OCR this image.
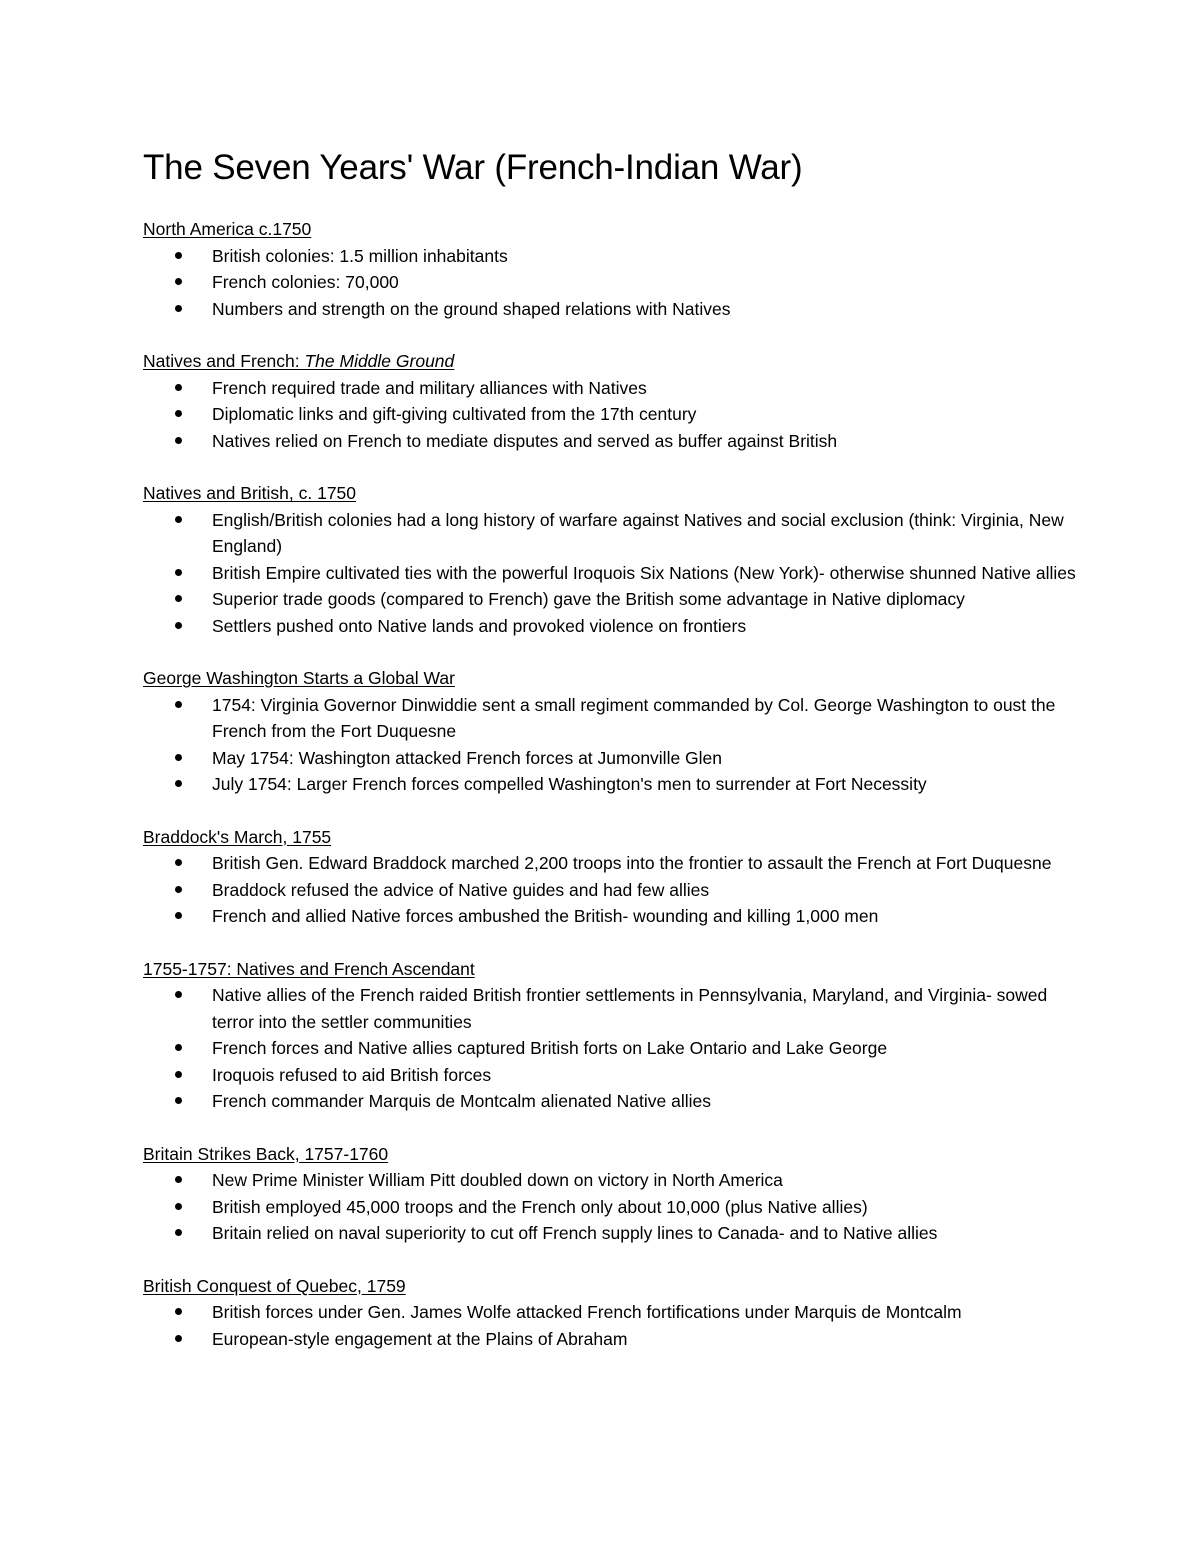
The Seven Years' War (French-Indian War)
North America c.1750
British colonies: 1.5 million inhabitants
French colonies: 70,000
Numbers and strength on the ground shaped relations with Natives
Natives and French: The Middle Ground
French required trade and military alliances with Natives
Diplomatic links and gift-giving cultivated from the 17th century
Natives relied on French to mediate disputes and served as buffer against British
Natives and British, c. 1750
English/British colonies had a long history of warfare against Natives and social exclusion (think: Virginia, New England)
British Empire cultivated ties with the powerful Iroquois Six Nations (New York)- otherwise shunned Native allies
Superior trade goods (compared to French) gave the British some advantage in Native diplomacy
Settlers pushed onto Native lands and provoked violence on frontiers
George Washington Starts a Global War
1754: Virginia Governor Dinwiddie sent a small regiment commanded by Col. George Washington to oust the French from the Fort Duquesne
May 1754: Washington attacked French forces at Jumonville Glen
July 1754: Larger French forces compelled Washington's men to surrender at Fort Necessity
Braddock's March, 1755
British Gen. Edward Braddock marched 2,200 troops into the frontier to assault the French at Fort Duquesne
Braddock refused the advice of Native guides and had few allies
French and allied Native forces ambushed the British- wounding and killing 1,000 men
1755-1757: Natives and French Ascendant
Native allies of the French raided British frontier settlements in Pennsylvania, Maryland, and Virginia- sowed terror into the settler communities
French forces and Native allies captured British forts on Lake Ontario and Lake George
Iroquois refused to aid British forces
French commander Marquis de Montcalm alienated Native allies
Britain Strikes Back, 1757-1760
New Prime Minister William Pitt doubled down on victory in North America
British employed 45,000 troops and the French only about 10,000 (plus Native allies)
Britain relied on naval superiority to cut off French supply lines to Canada- and to Native allies
British Conquest of Quebec, 1759
British forces under Gen. James Wolfe attacked French fortifications under Marquis de Montcalm
European-style engagement at the Plains of Abraham
